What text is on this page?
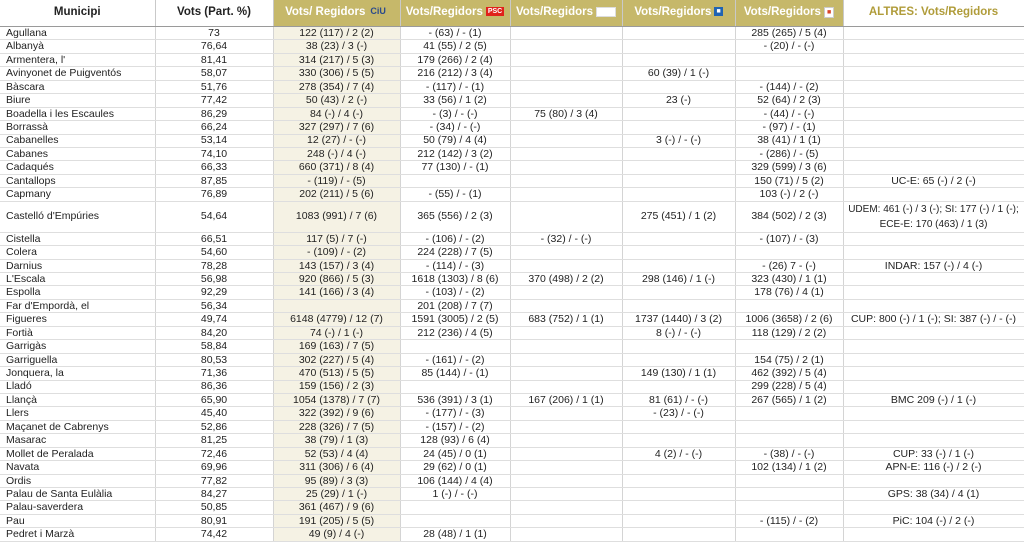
Municipi	Vots (Part. %)	Vots/ Regidors CiU	Vots/Regidors PSC	Vots/Regidors	Vots/Regidors ■	Vots/Regidors ■	ALTRES: Vots/Regidors
Agullana	73	122 (117) / 2 (2)	- (63) / - (1)			285 (265) / 5 (4)	
Albanyà	76,64	38 (23) / 3 (-)	41 (55) / 2 (5)			- (20) / - (-)	
Armentera, l'	81,41	314 (217) / 5 (3)	179 (266) / 2 (4)				
Avinyonet de Puigventós	58,07	330 (306) / 5 (5)	216 (212) / 3 (4)		60 (39) / 1 (-)		
Bàscara	51,76	278 (354) / 7 (4)	- (117) / - (1)			- (144) / - (2)	
Biure	77,42	50 (43) / 2 (-)	33 (56) / 1 (2)		23 (-)	52 (64) / 2 (3)	
Boadella i les Escaules	86,29	84 (-) / 4 (-)	- (3) / - (-)	75 (80) / 3 (4)		- (44) / - (-)	
Borrassà	66,24	327 (297) / 7 (6)	- (34) / - (-)			- (97) / - (1)	
Cabanelles	53,14	12 (27) / - (-)	50 (79) / 4 (4)		3 (-) / - (-)	38 (41) / 1 (1)	
Cabanes	74,10	248 (-) / 4 (-)	212 (142) / 3 (2)			- (286) / - (5)	
Cadaqués	66,33	660 (371) / 8 (4)	77 (130) / - (1)			329 (599) / 3 (6)	
Cantallops	87,85	- (119) / - (5)				150 (71) / 5 (2)	UC-E: 65 (-) / 2 (-)
Capmany	76,89	202 (211) / 5 (6)	- (55) / - (1)			103 (-) / 2 (-)	
Castelló d'Empúries	54,64	1083 (991) / 7 (6)	365 (556) / 2 (3)		275 (451) / 1 (2)	384 (502) / 2 (3)	UDEM: 461 (-) / 3 (-); SI: 177 (-) / 1 (-); ECE-E: 170 (463) / 1 (3)
Cistella	66,51	117 (5) / 7 (-)	- (106) / - (2)	- (32) / - (-)		- (107) / - (3)	
Colera	54,60	- (109) / - (2)	224 (228) / 7 (5)				
Darnius	78,28	143 (157) / 3 (4)	- (114) / - (3)			- (26) 7 - (-)	INDAR: 157 (-) / 4 (-)
L'Escala	56,98	920 (866) / 5 (3)	1618 (1303) / 8 (6)	370 (498) / 2 (2)	298 (146) / 1 (-)	323 (430) / 1 (1)	
Espolla	92,29	141 (166) / 3 (4)	- (103) / - (2)			178 (76) / 4 (1)	
Far d'Empordà, el	56,34		201 (208) / 7 (7)				
Figueres	49,74	6148 (4779) / 12 (7)	1591 (3005) / 2 (5)	683 (752) / 1 (1)	1737 (1440) / 3 (2)	1006 (3658) / 2 (6)	CUP: 800 (-) / 1 (-); SI: 387 (-) / - (-)
Fortià	84,20	74 (-) / 1 (-)	212 (236) / 4 (5)		8 (-) / - (-)	118 (129) / 2 (2)	
Garrigàs	58,84	169 (163) / 7 (5)					
Garriguella	80,53	302 (227) / 5 (4)	- (161) / - (2)			154 (75) / 2 (1)	
Jonquera, la	71,36	470 (513) / 5 (5)	85 (144) / - (1)		149 (130) / 1 (1)	462 (392) / 5 (4)	
Lladó	86,36	159 (156) / 2 (3)				299 (228) / 5 (4)	
Llançà	65,90	1054 (1378) / 7 (7)	536 (391) / 3 (1)	167 (206) / 1 (1)	81 (61) / - (-)	267 (565) / 1 (2)	BMC 209 (-) / 1 (-)
Llers	45,40	322 (392) / 9 (6)	- (177) / - (3)		- (23) / - (-)		
Maçanet de Cabrenys	52,86	228 (326) / 7 (5)	- (157) / - (2)				
Masarac	81,25	38 (79) / 1 (3)	128 (93) / 6 (4)				
Mollet de Peralada	72,46	52 (53) / 4 (4)	24 (45) / 0 (1)		4 (2) / - (-)	- (38) / - (-)	CUP: 33 (-) / 1 (-)
Navata	69,96	311 (306) / 6 (4)	29 (62) / 0 (1)			102 (134) / 1 (2)	APN-E: 116 (-) / 2 (-)
Ordis	77,82	95 (89) / 3 (3)	106 (144) / 4 (4)				
Palau de Santa Eulàlia	84,27	25 (29) / 1 (-)	1 (-) / - (-)				GPS: 38 (34) / 4 (1)
Palau-saverdera	50,85	361 (467) / 9 (6)					
Pau	80,91	191 (205) / 5 (5)				- (115) / - (2)	PiC: 104 (-) / 2 (-)
Pedret i Marzà	74,42	49 (9) / 4 (-)	28 (48) / 1 (1)				
